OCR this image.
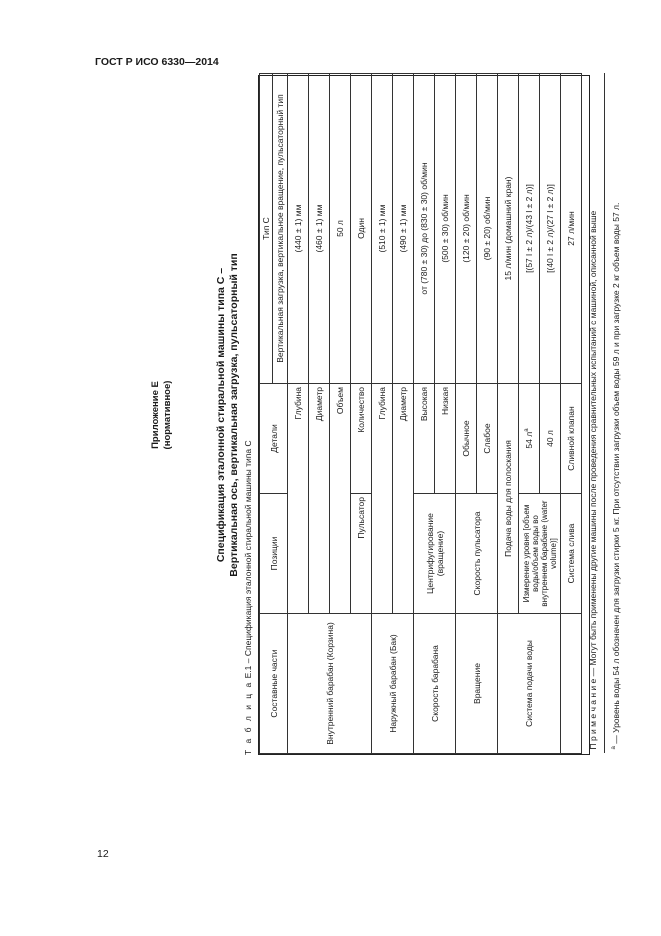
ГОСТ Р ИСО 6330—2014
12
Приложение Е (нормативное)	Спецификация эталонной стиральной машины типа С – Вертикальная ось, вертикальная загрузка, пульсаторный тип
Т а б л и ц а Е.1 – Спецификация эталонной стиральной машины типа С
Составные части	Позиции	Детали	Тип С
			Вертикальная загрузка, вертикальное вращение, пульсаторный тип
Внутренний барабан (Корзина)	Глубина		(440 ± 1) мм
	Диаметр		(460 ± 1) мм
	Объем		50 л
	Пульсатор	Количество	Один
Наружный барабан (Бак)	Глубина		(510 ± 1) мм
	Диаметр		(490 ± 1) мм
Скорость барабана	Центрифугирование (вращение)	Высокая	от (780 ± 30) до (830 ± 30) об/мин
		Низкая	(500 ± 30) об/мин
Вращение	Скорость пульсатора	Обычное	(120 ± 20) об/мин
		Слабое	(90 ± 20) об/мин
Система подачи воды	Подача воды для полоскания		15 л/мин (домашний кран)
	Измерение уровня [объем воды/объем воды во внутреннем барабане (water volume)]	54 $л^а$	[(57 l ± 2 л)/(43 l ± 2 л)]
		40 л	[(40 l ± 2 л)/(27 l ± 2 л)]
	Система слива	Сливной клапан	27 л/мин
П р и м е ч а н и е — Могут быть применены другие машины после проведения сравнительных испытаний с машиной, описанной выше			
$^а$ — Уровень воды 54 л обозначен для загрузки стирки 5 кг. При отсутствии загрузки объем воды 59 л и при загрузке 2 кг объем воды 57 л.			
